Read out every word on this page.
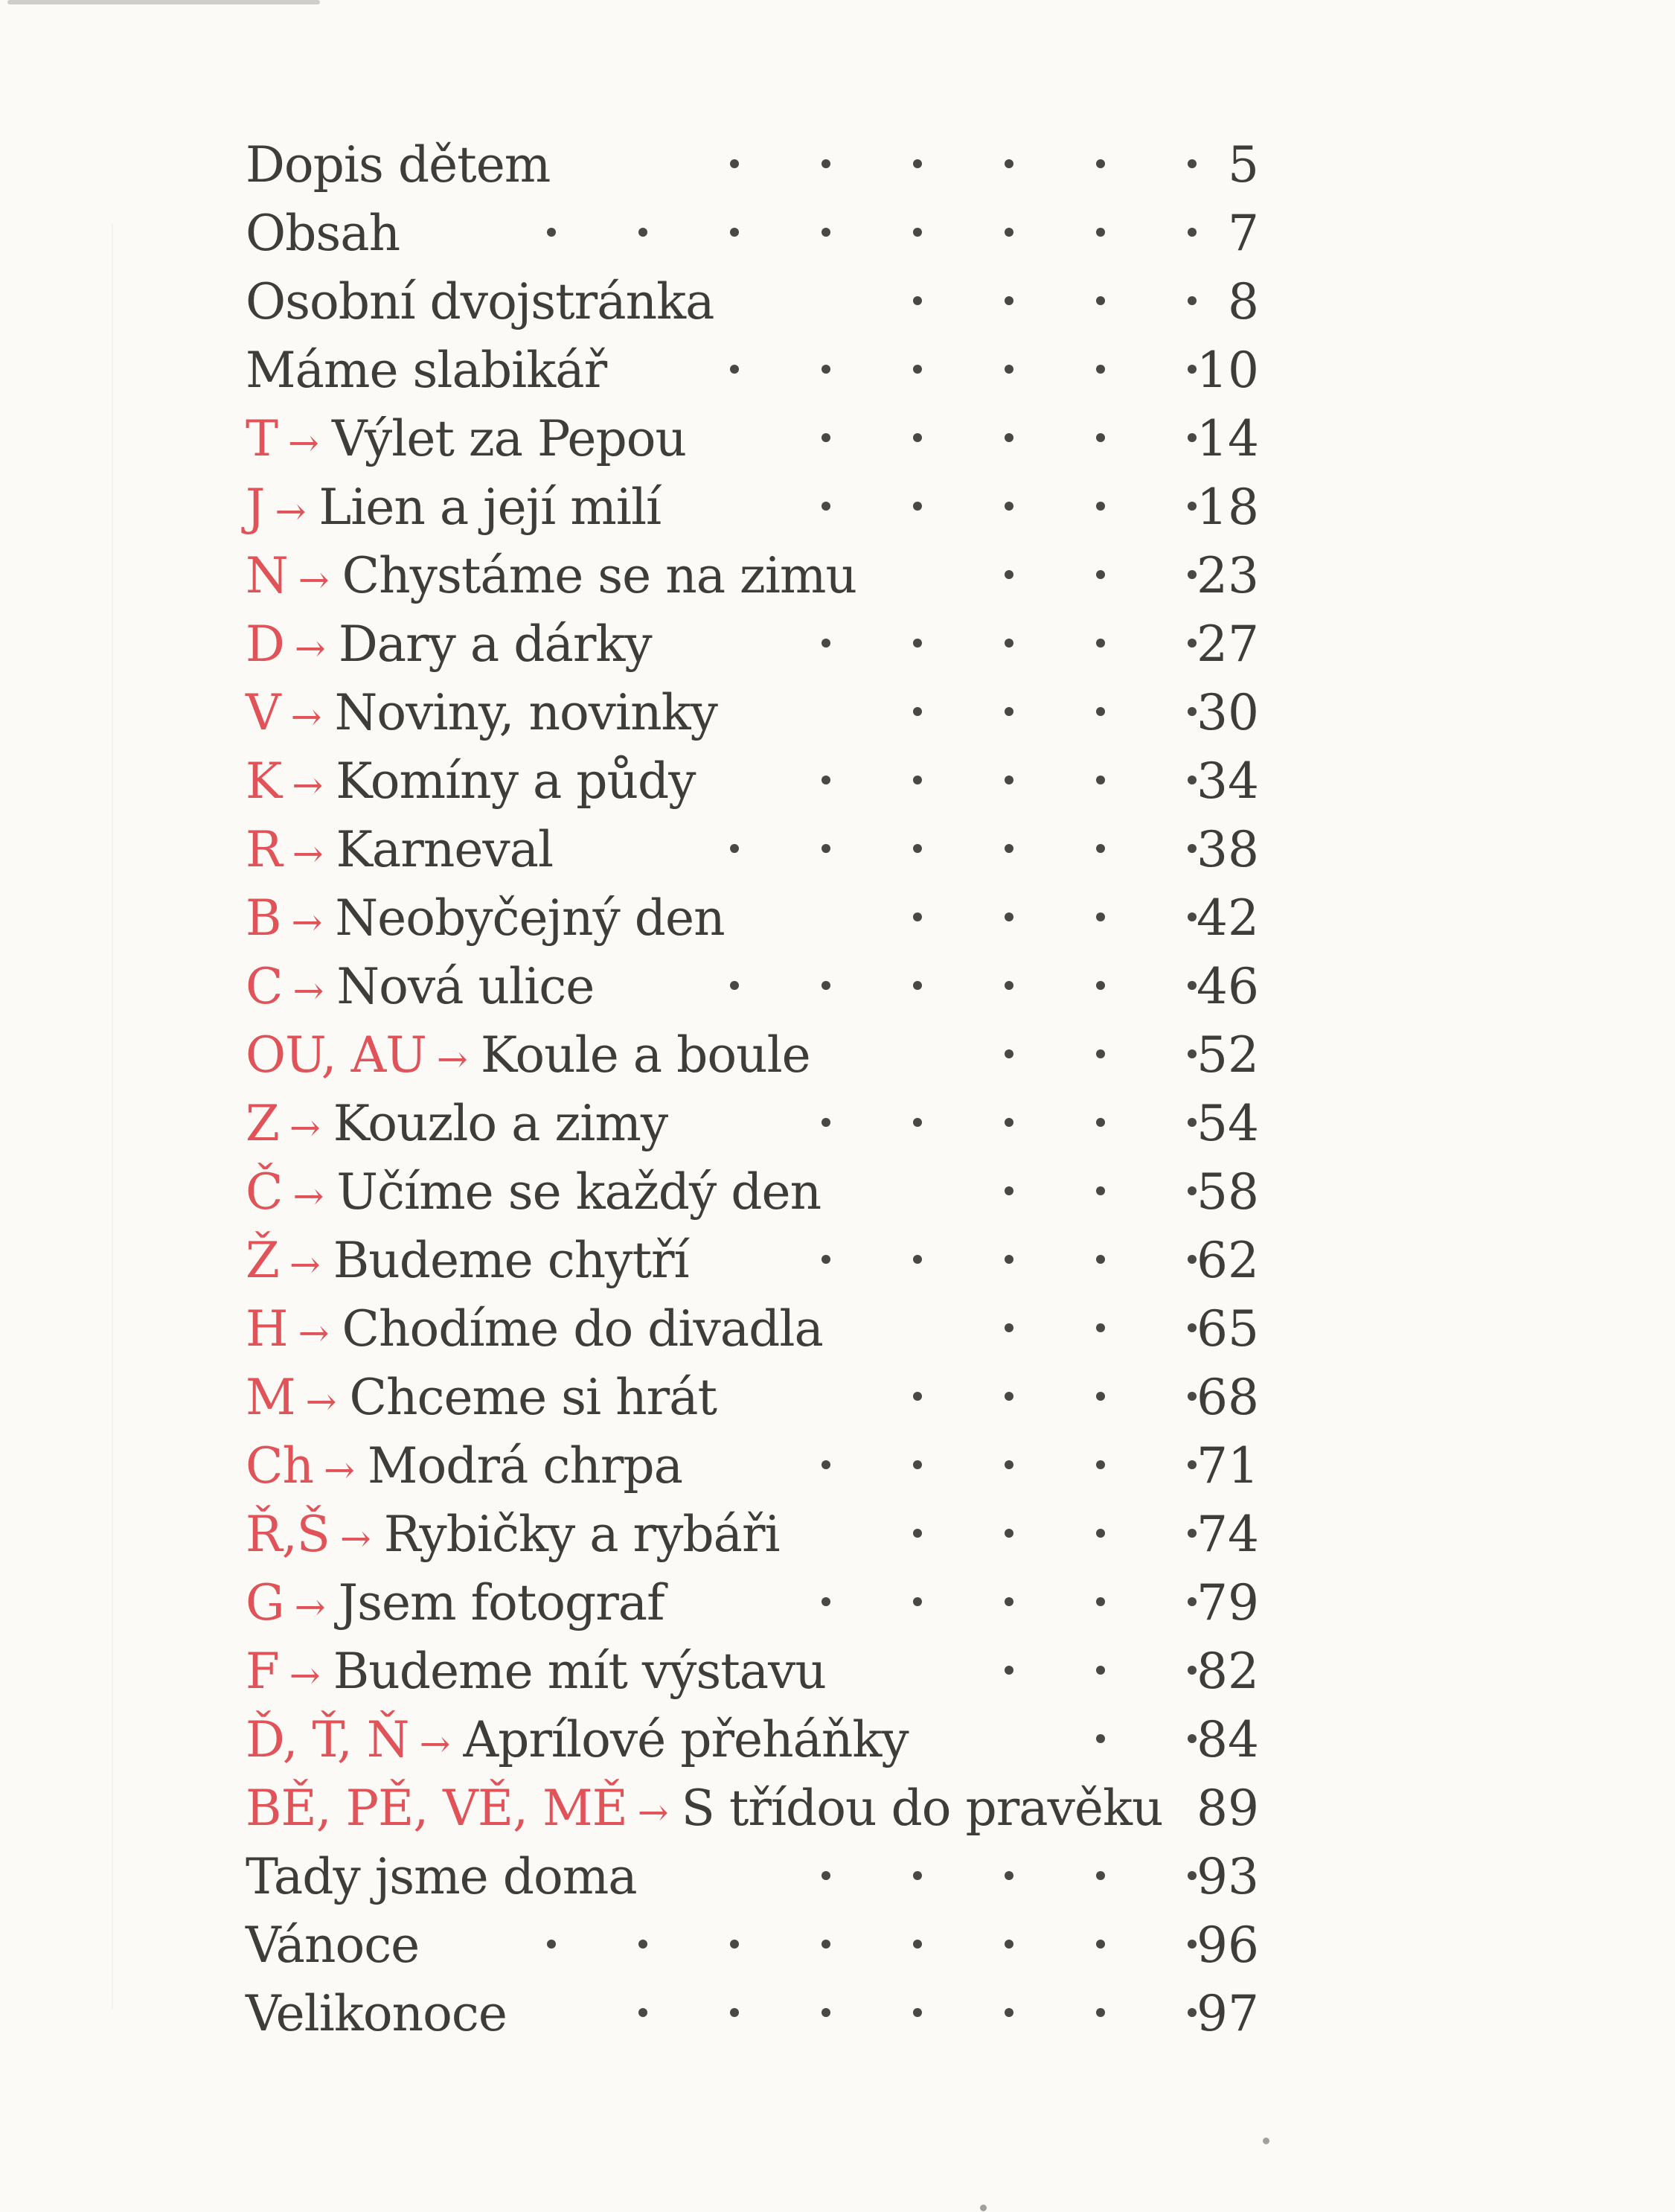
Dopis dětem	5
Obsah	7
Osobní dvojstránka	8
Máme slabikář	10
T → Výlet za Pepou	14
J → Lien a její milí	18
N → Chystáme se na zimu	23
D → Dary a dárky	27
V → Noviny, novinky	30
K → Komíny a půdy	34
R → Karneval	38
B → Neobyčejný den	42
C → Nová ulice	46
OU, AU → Koule a boule	52
Z → Kouzlo a zimy	54
Č → Učíme se každý den	58
Ž → Budeme chytří	62
H → Chodíme do divadla	65
M → Chceme si hrát	68
Ch → Modrá chrpa	71
Ř,Š → Rybičky a rybáři	74
G → Jsem fotograf	79
F → Budeme mít výstavu	82
Ď, Ť, Ň → Aprílové přeháňky	84
BĚ, PĚ, VĚ, MĚ → S třídou do pravěku 89
Tady jsme doma	93
Vánoce	96
Velikonoce	97
